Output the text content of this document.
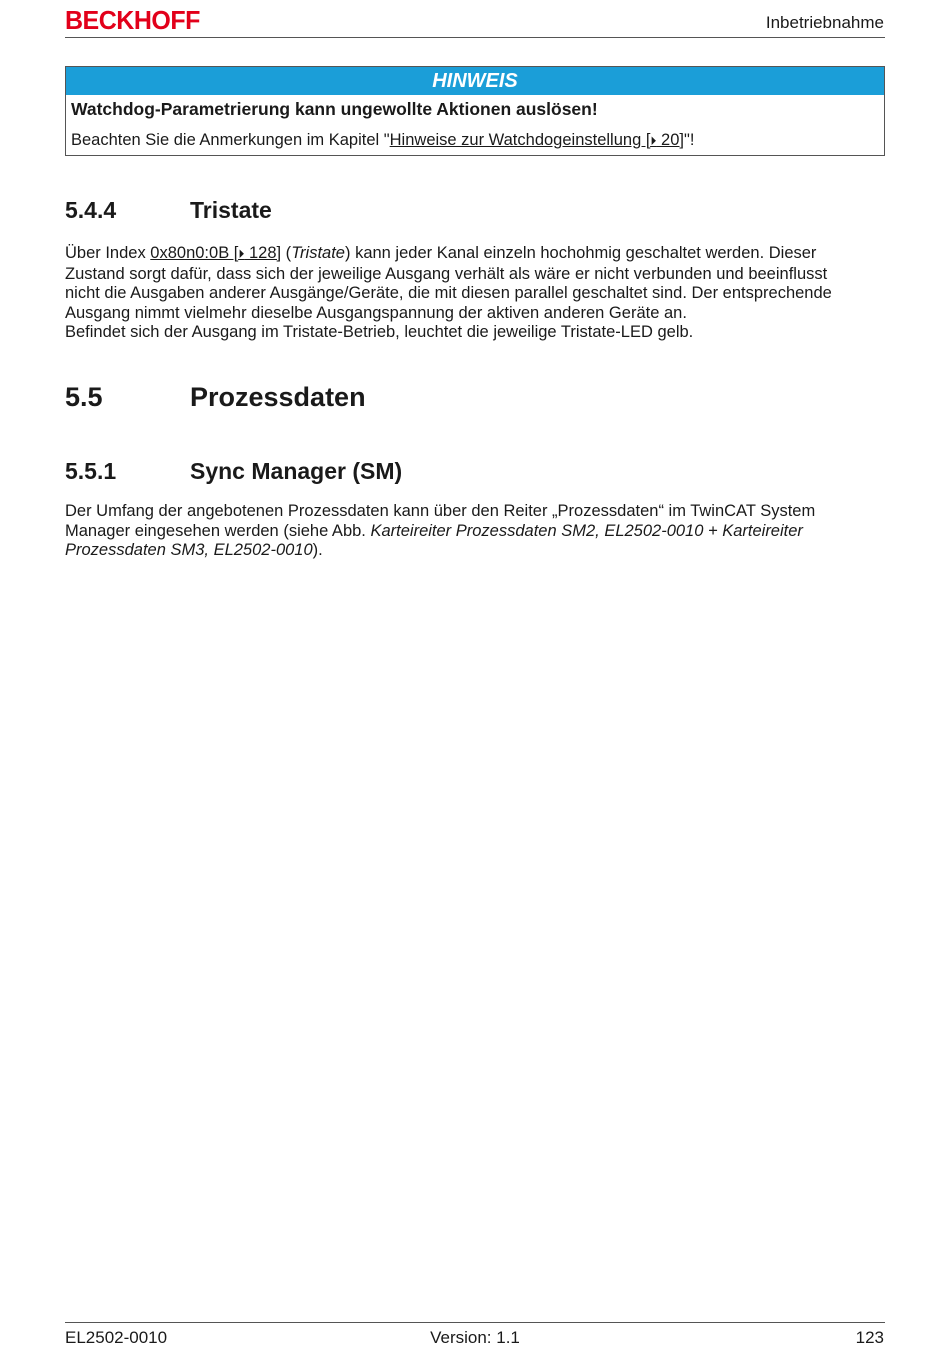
BECKHOFF	Inbetriebnahme
HINWEIS
Watchdog-Parametrierung kann ungewollte Aktionen auslösen!
Beachten Sie die Anmerkungen im Kapitel "Hinweise zur Watchdogeinstellung [⏵ 20]"!
5.4.4	Tristate
Über Index 0x80n0:0B [⏵ 128] (Tristate) kann jeder Kanal einzeln hochohmig geschaltet werden. Dieser
Zustand sorgt dafür, dass sich der jeweilige Ausgang verhält als wäre er nicht verbunden und beeinflusst
nicht die Ausgaben anderer Ausgänge/Geräte, die mit diesen parallel geschaltet sind. Der entsprechende
Ausgang nimmt vielmehr dieselbe Ausgangspannung der aktiven anderen Geräte an.
Befindet sich der Ausgang im Tristate-Betrieb, leuchtet die jeweilige Tristate-LED gelb.
5.5	Prozessdaten
5.5.1	Sync Manager (SM)
Der Umfang der angebotenen Prozessdaten kann über den Reiter „Prozessdaten“ im TwinCAT System
Manager eingesehen werden (siehe Abb. Karteireiter Prozessdaten SM2, EL2502-0010 + Karteireiter
Prozessdaten SM3, EL2502-0010).
EL2502-0010	Version: 1.1	123
